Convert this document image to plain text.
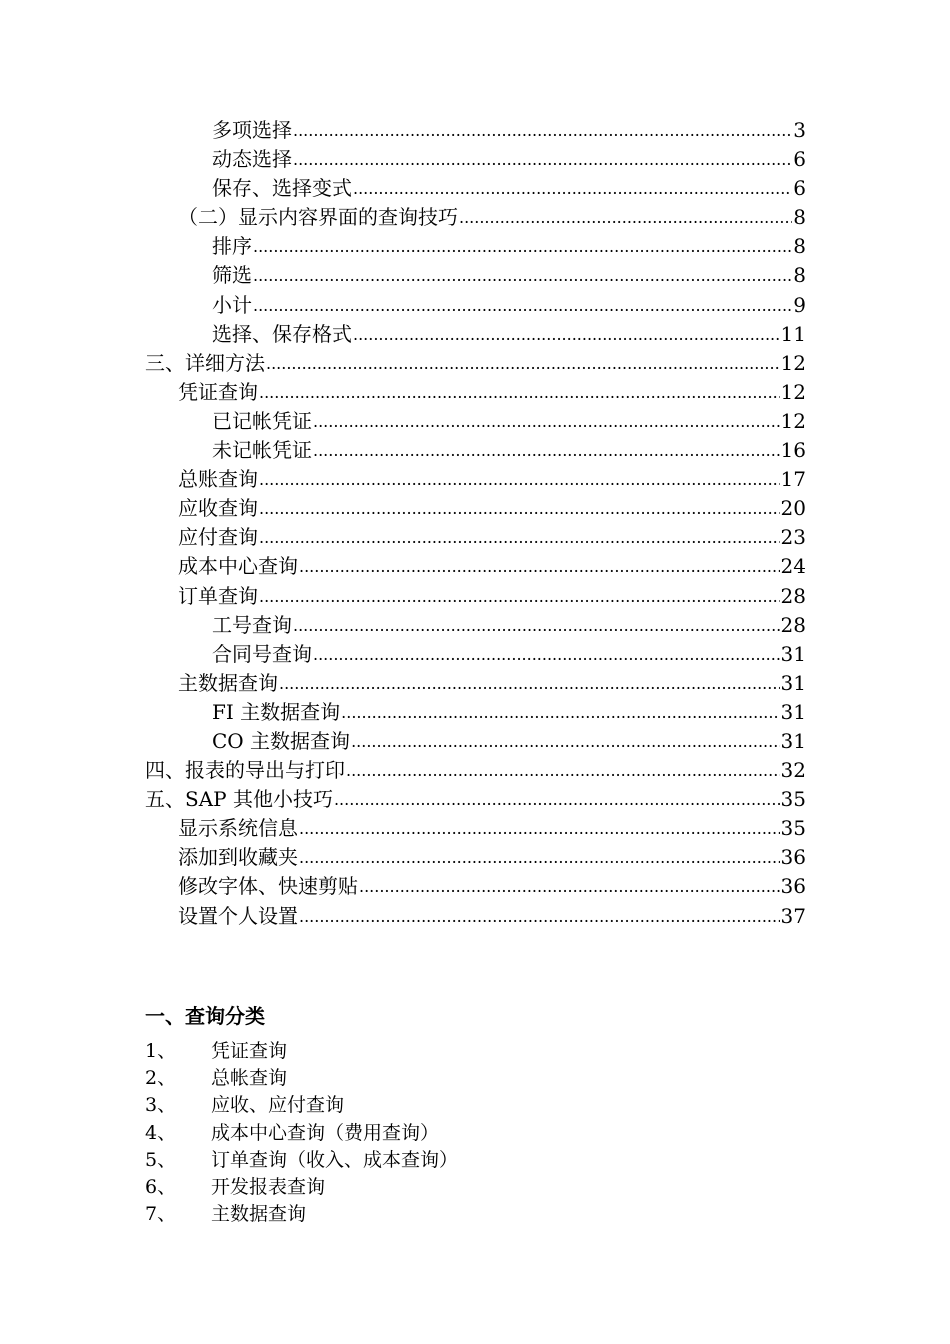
多项选择 .....	3
动态选择 .....	6
保存、选择变式 .....	6
（二）显示内容界面的查询技巧 .....	8
排序 .....	8
筛选 .....	8
小计 .....	9
选择、保存格式 .....	11
三、详细方法 .....	12
凭证查询 .....	12
已记帐凭证 .....	12
未记帐凭证 .....	16
总账查询 .....	17
应收查询 .....	20
应付查询 .....	23
成本中心查询 .....	24
订单查询 .....	28
工号查询 .....	28
合同号查询 .....	31
主数据查询 .....	31
FI 主数据查询 .....	31
CO 主数据查询 .....	31
四、报表的导出与打印 .....	32
五、SAP 其他小技巧 .....	35
显示系统信息 .....	35
添加到收藏夹 .....	36
修改字体、快速剪贴 .....	36
设置个人设置 .....	37
一、查询分类
1、	凭证查询
2、	总帐查询
3、	应收、应付查询
4、	成本中心查询（费用查询）
5、	订单查询（收入、成本查询）
6、	开发报表查询
7、	主数据查询
